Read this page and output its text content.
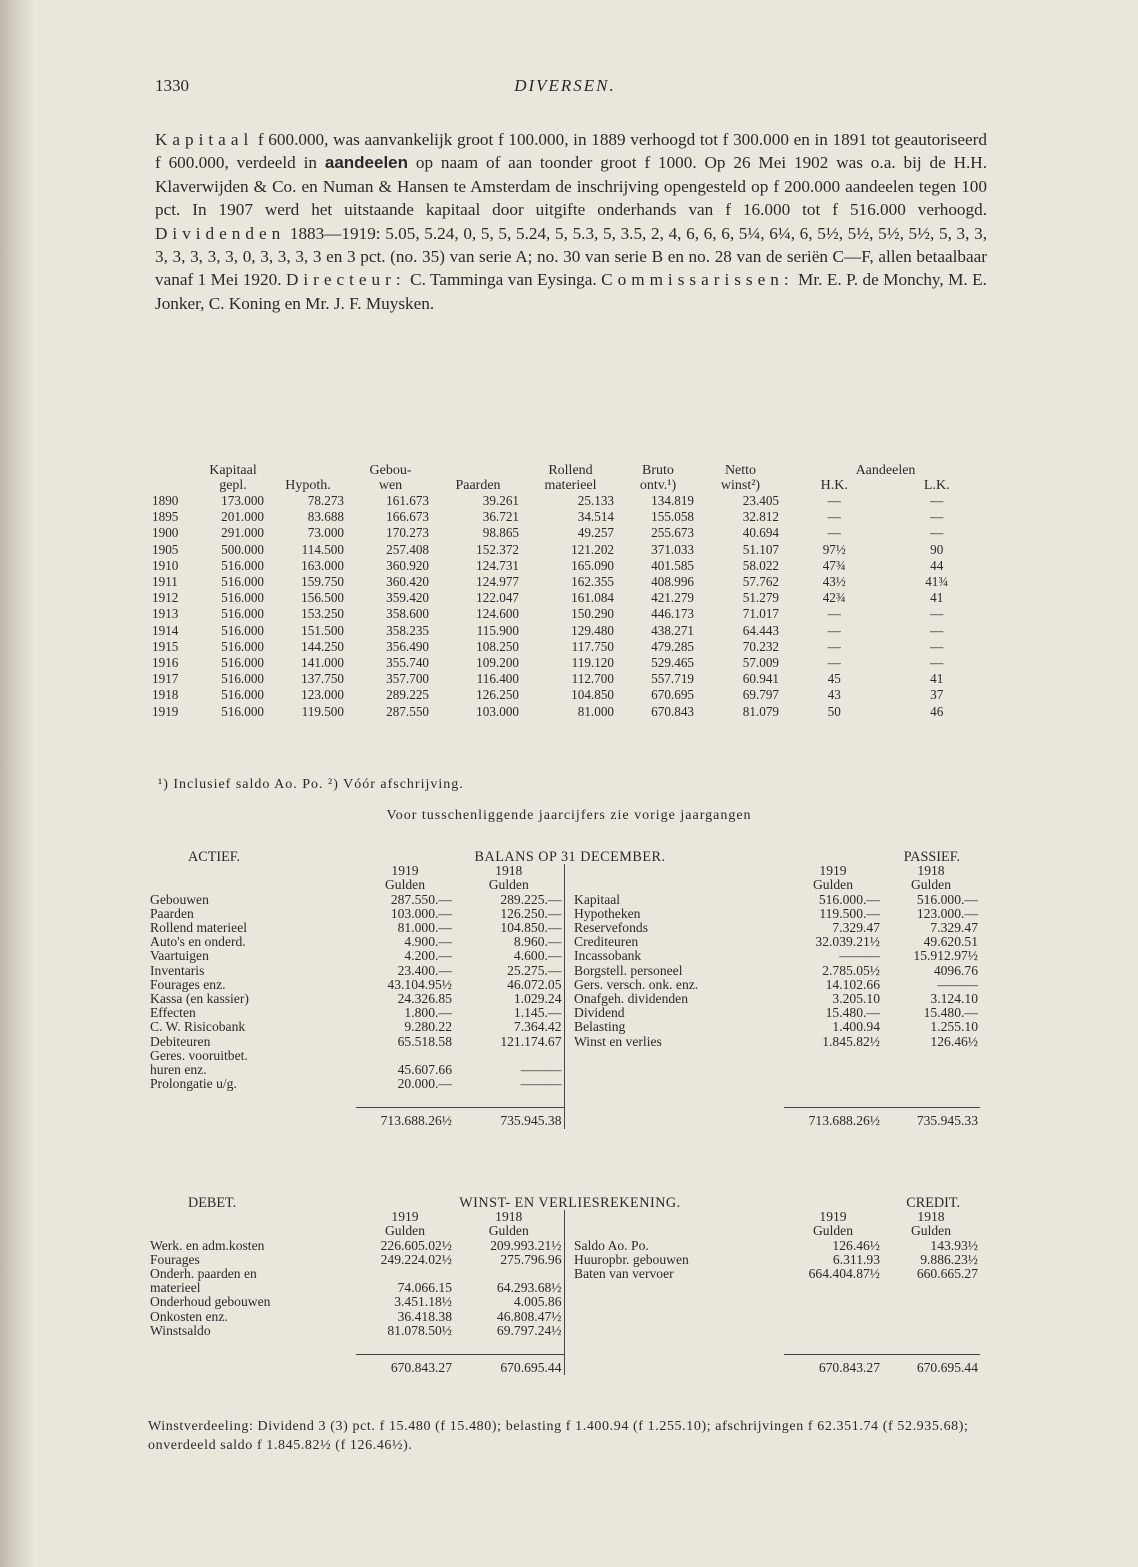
1330	DIVERSEN.

Kapitaal f 600.000, was aanvankelijk groot f 100.000, in 1889 verhoogd tot f 300.000 en in 1891 tot geautoriseerd f 600.000, verdeeld in aandeelen op naam of aan toonder groot f 1000. Op 26 Mei 1902 was o.a. bij de H.H. Klaverwijden & Co. en Numan & Hansen te Amsterdam de inschrijving opengesteld op f 200.000 aandeelen tegen 100 pct. In 1907 werd het uitstaande kapitaal door uitgifte onderhands van f 16.000 tot f 516.000 verhoogd. Dividenden 1883—1919: 5.05, 5.24, 0, 5, 5, 5.24, 5, 5.3, 5, 3.5, 2, 4, 6, 6, 6, 5¼, 6¼, 6, 5½, 5½, 5½, 5½, 5, 3, 3, 3, 3, 3, 3, 3, 0, 3, 3, 3, 3 en 3 pct. (no. 35) van serie A; no. 30 van serie B en no. 28 van de seriën C—F, allen betaalbaar vanaf 1 Mei 1920. Directeur: C. Tamminga van Eysinga. Commissarissen: Mr. E. P. de Monchy, M. E. Jonker, C. Koning en Mr. J. F. Muysken.

	Kapitaal		Gebou-		Rollend	Bruto	Netto	Aandeelen	
	gepl.	Hypoth.	wen	Paarden	materieel	ontv.¹)	winst²)	H.K.	L.K.
1890	173.000	78.273	161.673	39.261	25.133	134.819	23.405	—	—
1895	201.000	83.688	166.673	36.721	34.514	155.058	32.812	—	—
1900	291.000	73.000	170.273	98.865	49.257	255.673	40.694	—	—
1905	500.000	114.500	257.408	152.372	121.202	371.033	51.107	97½	90
1910	516.000	163.000	360.920	124.731	165.090	401.585	58.022	47¾	44
1911	516.000	159.750	360.420	124.977	162.355	408.996	57.762	43½	41¾
1912	516.000	156.500	359.420	122.047	161.084	421.279	51.279	42¾	41
1913	516.000	153.250	358.600	124.600	150.290	446.173	71.017	—	—
1914	516.000	151.500	358.235	115.900	129.480	438.271	64.443	—	—
1915	516.000	144.250	356.490	108.250	117.750	479.285	70.232	—	—
1916	516.000	141.000	355.740	109.200	119.120	529.465	57.009	—	—
1917	516.000	137.750	357.700	116.400	112.700	557.719	60.941	45	41
1918	516.000	123.000	289.225	126.250	104.850	670.695	69.797	43	37
1919	516.000	119.500	287.550	103.000	81.000	670.843	81.079	50	46
¹) Inclusief saldo Ao. Po. ²) Vóór afschrijving.
Voor tusschenliggende jaarcijfers zie vorige jaargangen
ACTIEF.	BALANS OP 31 DECEMBER.				PASSIEF.	
	1919	1918			1919	1918
	Gulden	Gulden			Gulden	Gulden
Gebouwen	287.550.—	289.225.—		Kapitaal	516.000.—	516.000.—
Paarden	103.000.—	126.250.—		Hypotheken	119.500.—	123.000.—
Rollend materieel	81.000.—	104.850.—		Reservefonds	7.329.47	7.329.47
Auto's en onderd.	4.900.—	8.960.—		Crediteuren	32.039.21½	49.620.51
Vaartuigen	4.200.—	4.600.—		Incassobank	———	15.912.97½
Inventaris	23.400.—	25.275.—		Borgstell. personeel	2.785.05½	4096.76
Fourages enz.	43.104.95½	46.072.05		Gers. versch. onk. enz.	14.102.66	———
Kassa (en kassier)	24.326.85	1.029.24		Onafgeh. dividenden	3.205.10	3.124.10
Effecten	1.800.—	1.145.—		Dividend	15.480.—	15.480.—
C. W. Risicobank	9.280.22	7.364.42		Belasting	1.400.94	1.255.10
Debiteuren	65.518.58	121.174.67		Winst en verlies	1.845.82½	126.46½
Geres. vooruitbet.						
huren enz.	45.607.66	———				
Prolongatie u/g.	20.000.—	———				

	713.688.26½	735.945.38			713.688.26½	735.945.33
DEBET.	WINST- EN VERLIESREKENING.				CREDIT.	
	1919	1918			1919	1918
	Gulden	Gulden			Gulden	Gulden
Werk. en adm.kosten	226.605.02½	209.993.21½		Saldo Ao. Po.	126.46½	143.93½
Fourages	249.224.02½	275.796.96		Huuropbr. gebouwen	6.311.93	9.886.23½
Onderh. paarden en				Baten van vervoer	664.404.87½	660.665.27
materieel	74.066.15	64.293.68½				
Onderhoud gebouwen	3.451.18½	4.005.86				
Onkosten enz.	36.418.38	46.808.47½				
Winstsaldo	81.078.50½	69.797.24½				

	670.843.27	670.695.44			670.843.27	670.695.44
Winstverdeeling: Dividend 3 (3) pct. f 15.480 (f 15.480); belasting f 1.400.94 (f 1.255.10); afschrijvingen f 62.351.74 (f 52.935.68); onverdeeld saldo f 1.845.82½ (f 126.46½).
